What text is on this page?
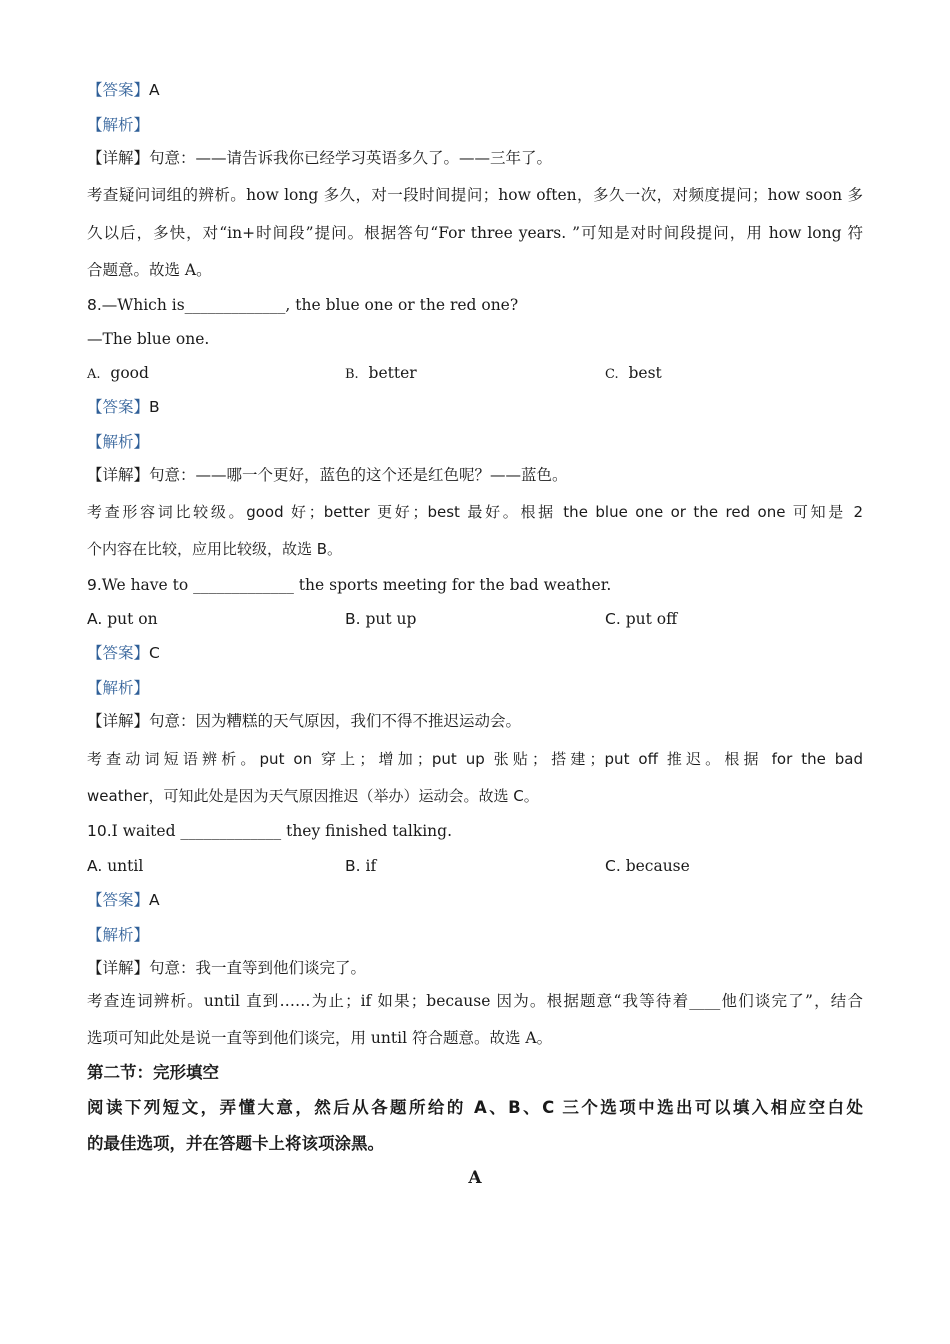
【答案】A
【解析】
【详解】句意：——请告诉我你已经学习英语多久了。——三年了。
考查疑问词组的辨析。how long 多久，对一段时间提问；how often，多久一次，对频度提问；how soon 多
久以后，多快，对“in+时间段”提问。根据答句“For three years. ”可知是对时间段提问，用 how long 符
合题意。故选 A。
8.—Which is_____________, the blue one or the red one?
—The blue one.
A. good	B. better	C. best
【答案】B
【解析】
【详解】句意：——哪一个更好，蓝色的这个还是红色呢？——蓝色。
考查形容词比较级。good 好；better 更好；best 最好。根据 the blue one or the red one 可知是 2
个内容在比较，应用比较级，故选 B。
9.We have to _____________ the sports meeting for the bad weather.
A. put on	B. put up	C. put off
【答案】C
【解析】
【详解】句意：因为糟糕的天气原因，我们不得不推迟运动会。
考查动词短语辨析。put on 穿上；增加；put up 张贴；搭建；put off 推迟。根据 for the bad
weather，可知此处是因为天气原因推迟（举办）运动会。故选 C。
10.I waited _____________ they finished talking.
A. until	B. if	C. because
【答案】A
【解析】
【详解】句意：我一直等到他们谈完了。
考查连词辨析。until 直到……为止；if 如果；because 因为。根据题意“我等待着____他们谈完了”，结合
选项可知此处是说一直等到他们谈完，用 until 符合题意。故选 A。
第二节：完形填空
阅读下列短文，弄懂大意，然后从各题所给的 A、B、C 三个选项中选出可以填入相应空白处
的最佳选项，并在答题卡上将该项涂黑。
A
